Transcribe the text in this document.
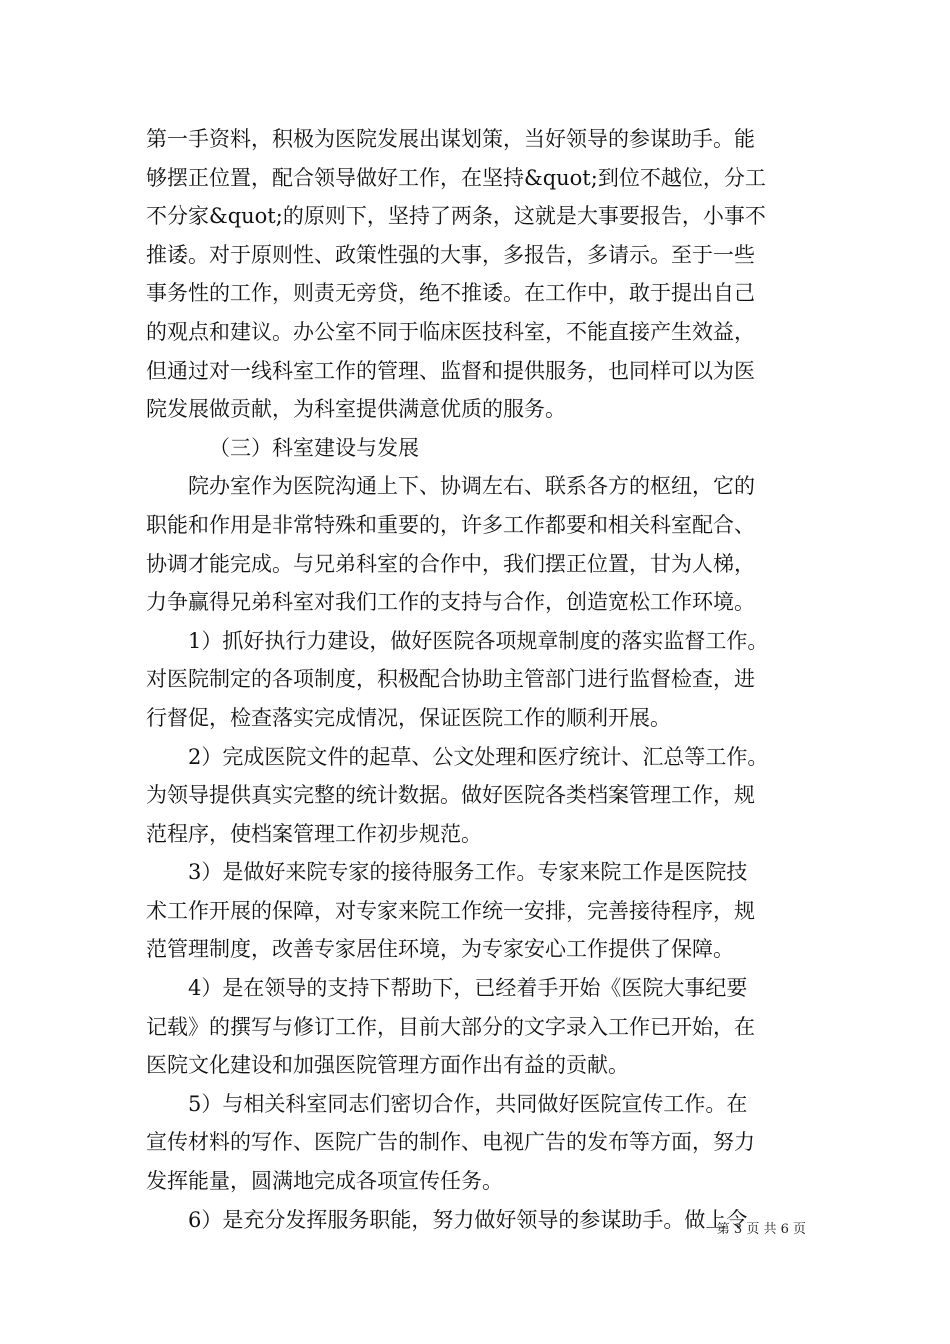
第一手资料，积极为医院发展出谋划策，当好领导的参谋助手。能
够摆正位置，配合领导做好工作，在坚持&quot;到位不越位，分工
不分家&quot;的原则下，坚持了两条，这就是大事要报告，小事不
推诿。对于原则性、政策性强的大事，多报告，多请示。至于一些
事务性的工作，则责无旁贷，绝不推诿。在工作中，敢于提出自己
的观点和建议。办公室不同于临床医技科室，不能直接产生效益，
但通过对一线科室工作的管理、监督和提供服务，也同样可以为医
院发展做贡献，为科室提供满意优质的服务。
（三）科室建设与发展
院办室作为医院沟通上下、协调左右、联系各方的枢纽，它的
职能和作用是非常特殊和重要的，许多工作都要和相关科室配合、
协调才能完成。与兄弟科室的合作中，我们摆正位置，甘为人梯，
力争赢得兄弟科室对我们工作的支持与合作，创造宽松工作环境。
1）抓好执行力建设，做好医院各项规章制度的落实监督工作。
对医院制定的各项制度，积极配合协助主管部门进行监督检查，进
行督促，检查落实完成情况，保证医院工作的顺利开展。
2）完成医院文件的起草、公文处理和医疗统计、汇总等工作。
为领导提供真实完整的统计数据。做好医院各类档案管理工作，规
范程序，使档案管理工作初步规范。
3）是做好来院专家的接待服务工作。专家来院工作是医院技
术工作开展的保障，对专家来院工作统一安排，完善接待程序，规
范管理制度，改善专家居住环境，为专家安心工作提供了保障。
4）是在领导的支持下帮助下，已经着手开始《医院大事纪要
记载》的撰写与修订工作，目前大部分的文字录入工作已开始，在
医院文化建设和加强医院管理方面作出有益的贡献。
5）与相关科室同志们密切合作，共同做好医院宣传工作。在
宣传材料的写作、医院广告的制作、电视广告的发布等方面，努力
发挥能量，圆满地完成各项宣传任务。
6）是充分发挥服务职能，努力做好领导的参谋助手。做上令
第 3 页 共 6 页
